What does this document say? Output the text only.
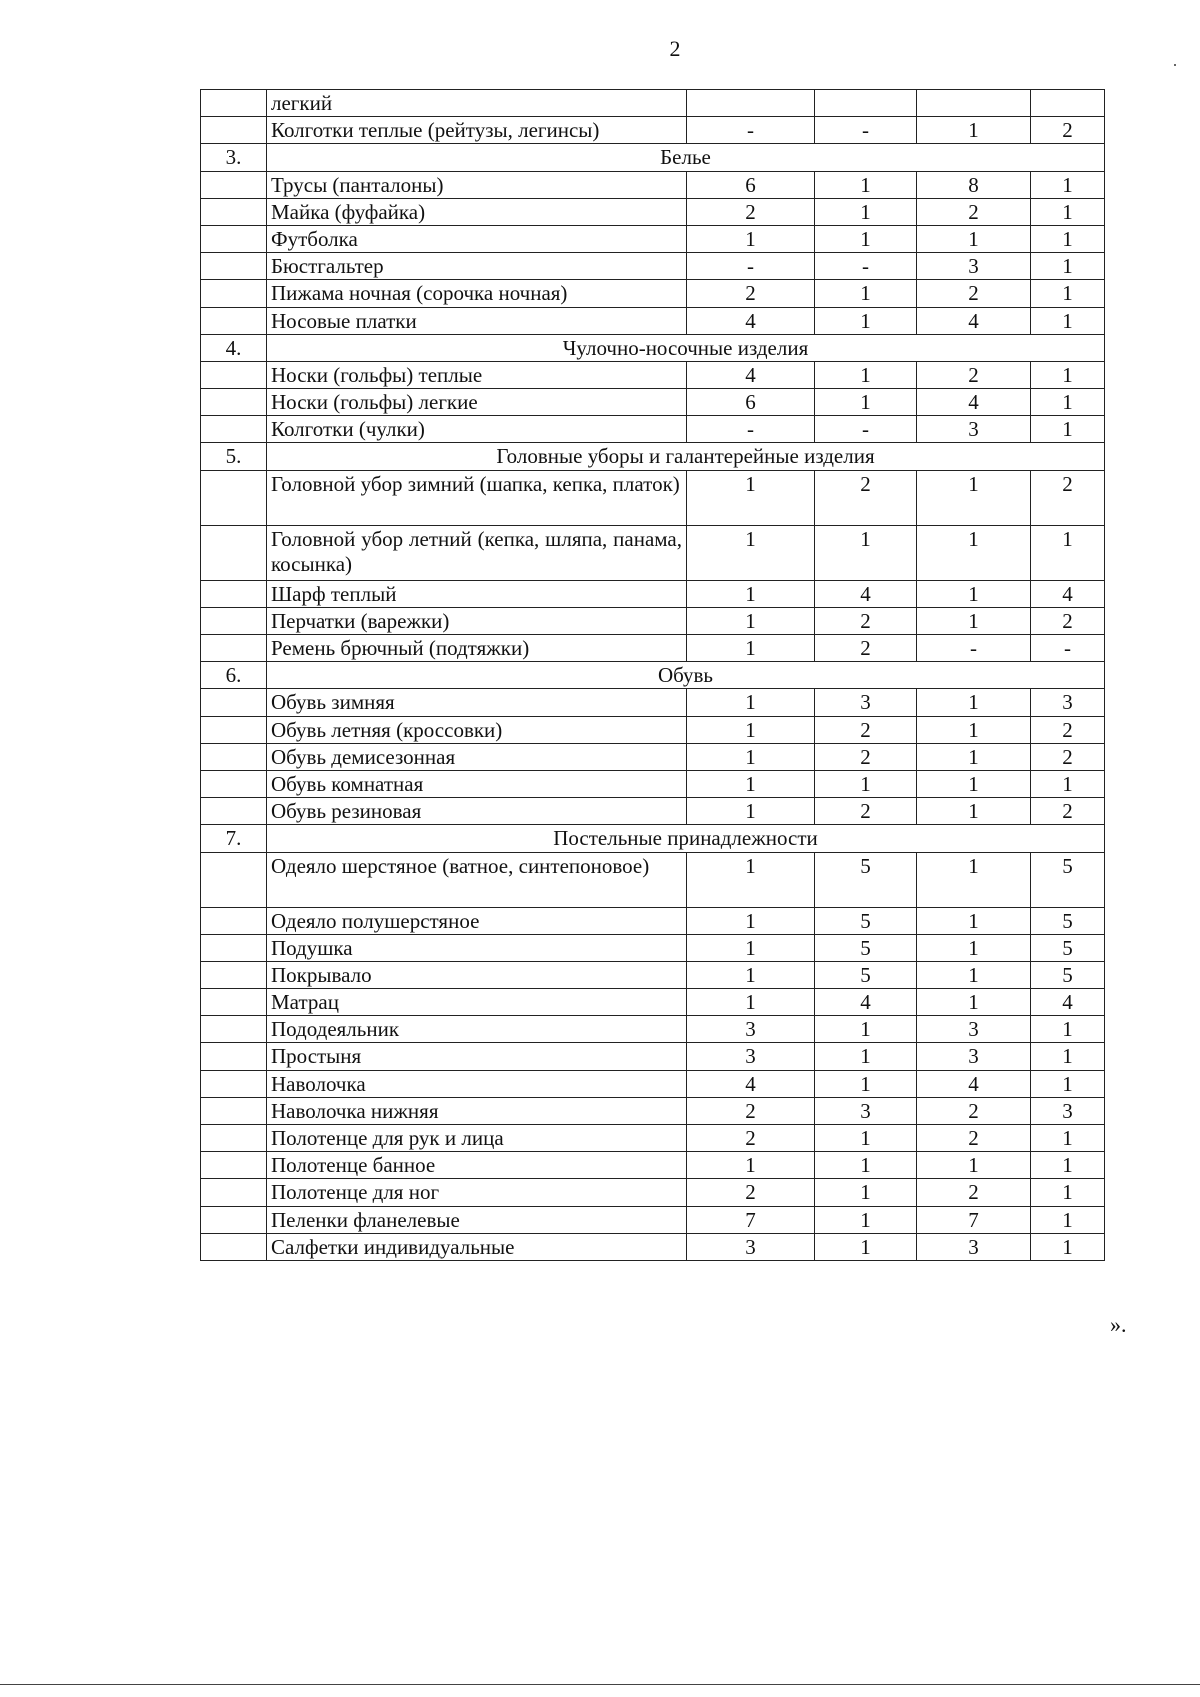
2
	легкий				
	Колготки теплые (рейтузы, легинсы)	-	-	1	2
3.	Белье				
	Трусы (панталоны)	6	1	8	1
	Майка (фуфайка)	2	1	2	1
	Футболка	1	1	1	1
	Бюстгальтер	-	-	3	1
	Пижама ночная (сорочка ночная)	2	1	2	1
	Носовые платки	4	1	4	1
4.	Чулочно-носочные изделия				
	Носки (гольфы) теплые	4	1	2	1
	Носки (гольфы) легкие	6	1	4	1
	Колготки (чулки)	-	-	3	1
5.	Головные уборы и галантерейные изделия				
	Головной убор зимний (шапка, кепка, платок)	1	2	1	2
	Головной убор летний (кепка, шляпа, панама, косынка)	1	1	1	1
	Шарф теплый	1	4	1	4
	Перчатки (варежки)	1	2	1	2
	Ремень брючный (подтяжки)	1	2	-	-
6.	Обувь				
	Обувь зимняя	1	3	1	3
	Обувь летняя (кроссовки)	1	2	1	2
	Обувь демисезонная	1	2	1	2
	Обувь комнатная	1	1	1	1
	Обувь резиновая	1	2	1	2
7.	Постельные принадлежности				
	Одеяло шерстяное (ватное, синтепоновое)	1	5	1	5
	Одеяло полушерстяное	1	5	1	5
	Подушка	1	5	1	5
	Покрывало	1	5	1	5
	Матрац	1	4	1	4
	Пододеяльник	3	1	3	1
	Простыня	3	1	3	1
	Наволочка	4	1	4	1
	Наволочка нижняя	2	3	2	3
	Полотенце для рук и лица	2	1	2	1
	Полотенце банное	1	1	1	1
	Полотенце для ног	2	1	2	1
	Пеленки фланелевые	7	1	7	1
	Салфетки индивидуальные	3	1	3	1
».
